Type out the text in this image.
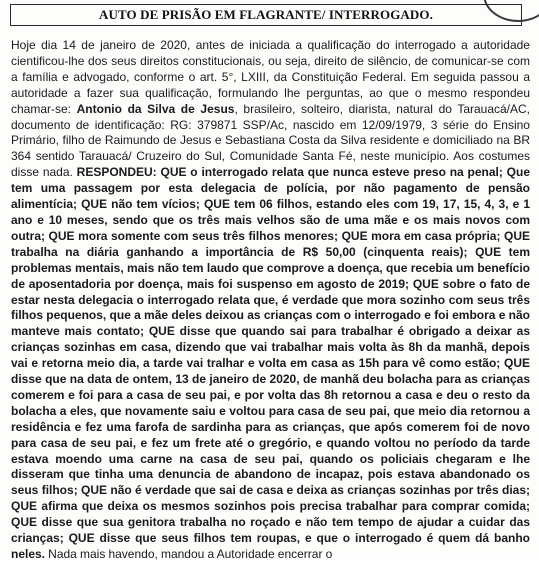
AUTO DE PRISÃO EM FLAGRANTE/ INTERROGADO.

Hoje dia 14 de janeiro de 2020, antes de iniciada a qualificação do interrogado a autoridade cientificou-lhe dos seus direitos constitucionais, ou seja, direito de silêncio, de comunicar-se com a família e advogado, conforme o art. 5°, LXIII, da Constituição Federal. Em seguida passou a autoridade a fazer sua qualificação, formulando lhe perguntas, ao que o mesmo respondeu chamar-se: Antonio da Silva de Jesus, brasileiro, solteiro, diarista, natural do Tarauacá/AC, documento de identificação: RG: 379871 SSP/Ac, nascido em 12/09/1979, 3 série do Ensino Primário, filho de Raimundo de Jesus e Sebastiana Costa da Silva residente e domiciliado na BR 364 sentido Tarauacá/ Cruzeiro do Sul, Comunidade Santa Fé, neste município. Aos costumes disse nada. RESPONDEU: QUE o interrogado relata que nunca esteve preso na penal; Que tem uma passagem por esta delegacia de polícia, por não pagamento de pensão alimentícia; QUE não tem vícios; QUE tem 06 filhos, estando eles com 19, 17, 15, 4, 3, e 1 ano e 10 meses, sendo que os três mais velhos são de uma mãe e os mais novos com outra; QUE mora somente com seus três filhos menores; QUE mora em casa própria; QUE trabalha na diária ganhando a importância de R$ 50,00 (cinquenta reais); QUE tem problemas mentais, mais não tem laudo que comprove a doença, que recebia um benefício de aposentadoria por doença, mais foi suspenso em agosto de 2019; QUE sobre o fato de estar nesta delegacia o interrogado relata que, é verdade que mora sozinho com seus três filhos pequenos, que a mãe deles deixou as crianças com o interrogado e foi embora e não manteve mais contato; QUE disse que quando sai para trabalhar é obrigado a deixar as crianças sozinhas em casa, dizendo que vai trabalhar mais volta às 8h da manhã, depois vai e retorna meio dia, a tarde vai tralhar e volta em casa as 15h para vê como estão; QUE disse que na data de ontem, 13 de janeiro de 2020, de manhã deu bolacha para as crianças comerem e foi para a casa de seu pai, e por volta das 8h retornou a casa e deu o resto da bolacha a eles, que novamente saiu e voltou para casa de seu pai, que meio dia retornou a residência e fez uma farofa de sardinha para as crianças, que após comerem foi de novo para casa de seu pai, e fez um frete até o gregório, e quando voltou no período da tarde estava moendo uma carne na casa de seu pai, quando os policiais chegaram e lhe disseram que tinha uma denuncia de abandono de incapaz, pois estava abandonado os seus filhos; QUE não é verdade que sai de casa e deixa as crianças sozinhas por três dias; QUE afirma que deixa os mesmos sozinhos pois precisa trabalhar para comprar comida; QUE disse que sua genitora trabalha no roçado e não tem tempo de ajudar a cuidar das crianças; QUE disse que seus filhos tem roupas, e que o interrogado é quem dá banho neles. Nada mais havendo, mandou a Autoridade encerrar o
